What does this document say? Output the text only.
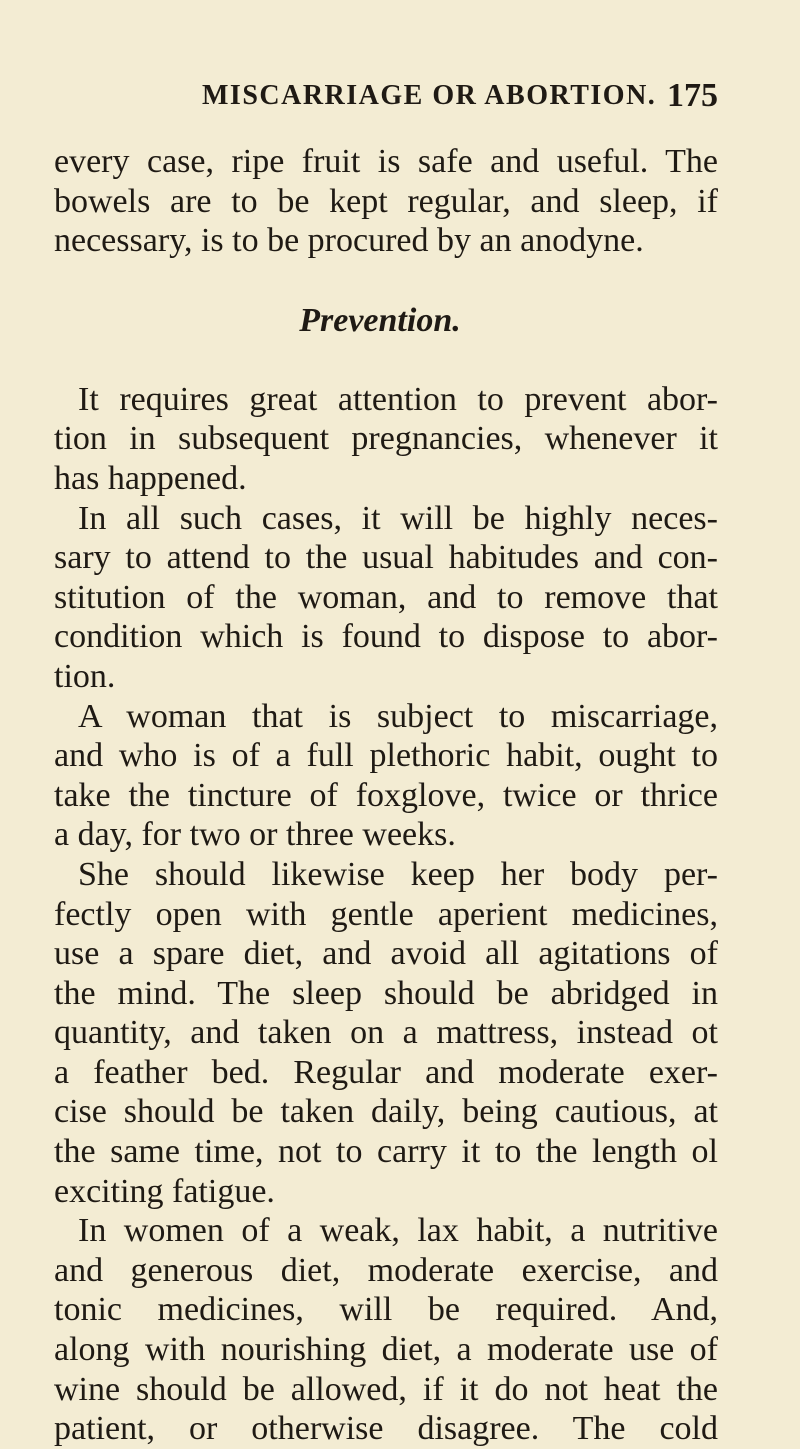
MISCARRIAGE OR ABORTION. 175
every case, ripe fruit is safe and useful. The
bowels are to be kept regular, and sleep, if
necessary, is to be procured by an anodyne.
Prevention.
It requires great attention to prevent abor-
tion in subsequent pregnancies, whenever it
has happened.
In all such cases, it will be highly neces-
sary to attend to the usual habitudes and con-
stitution of the woman, and to remove that
condition which is found to dispose to abor-
tion.
A woman that is subject to miscarriage,
and who is of a full plethoric habit, ought to
take the tincture of foxglove, twice or thrice
a day, for two or three weeks.
She should likewise keep her body per-
fectly open with gentle aperient medicines,
use a spare diet, and avoid all agitations of
the mind. The sleep should be abridged in
quantity, and taken on a mattress, instead ot
a feather bed. Regular and moderate exer-
cise should be taken daily, being cautious, at
the same time, not to carry it to the length ol
exciting fatigue.
In women of a weak, lax habit, a nutritive
and generous diet, moderate exercise, and
tonic medicines, will be required. And,
along with nourishing diet, a moderate use of
wine should be allowed, if it do not heat the
patient, or otherwise disagree. The cold
